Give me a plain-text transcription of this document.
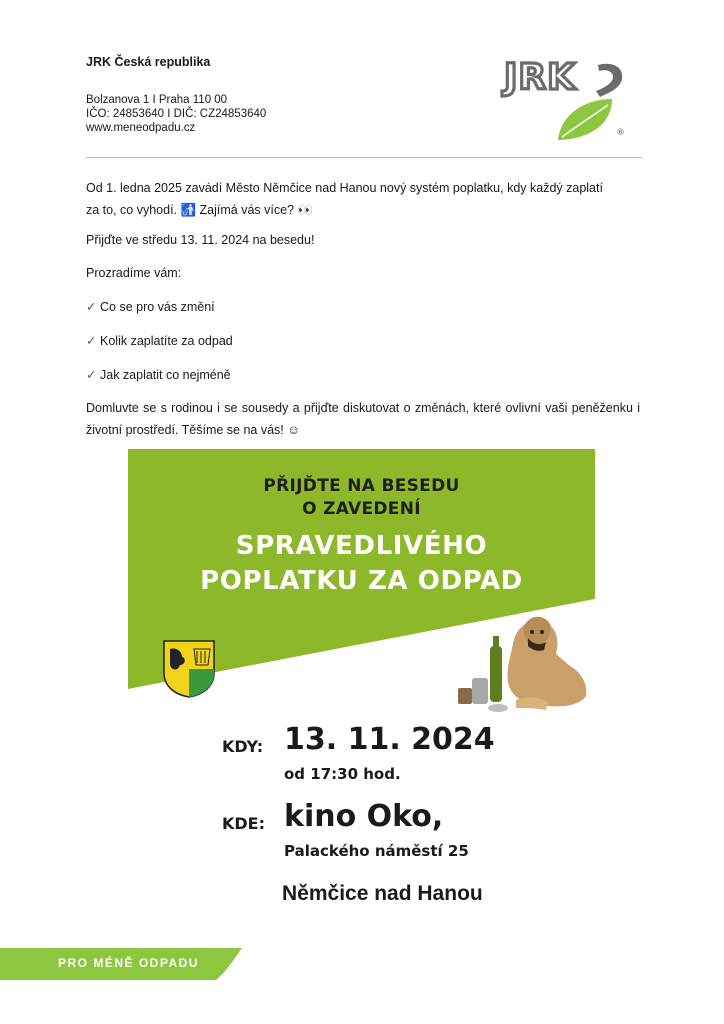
JRK Česká republika
Bolzanova 1 I Praha 110 00
IČO: 24853640 I DIČ: CZ24853640
www.meneodpadu.cz
JRK
®
Od 1. ledna 2025 zavádí Město Němčice nad Hanou nový systém poplatku, kdy každý zaplatí
za to, co vyhodí. 🚮 Zajímá vás více? 👀
Přijďte ve středu 13. 11. 2024 na besedu!
Prozradíme vám:
✓ Co se pro vás změní
✓ Kolik zaplatíte za odpad
✓ Jak zaplatit co nejméně
Domluvte se s rodinou i se sousedy a přijďte diskutovat o změnách, které ovlivní vaši peněženku i životní prostředí. Těšíme se na vás! ☺
PŘIJĎTE NA BESEDU
O ZAVEDENÍ
SPRAVEDLIVÉHO
POPLATKU ZA ODPAD
KDY: 13. 11. 2024
od 17:30 hod.
KDE: kino Oko,
Palackého náměstí 25
Němčice nad Hanou
PRO MÉNĚ ODPADU
